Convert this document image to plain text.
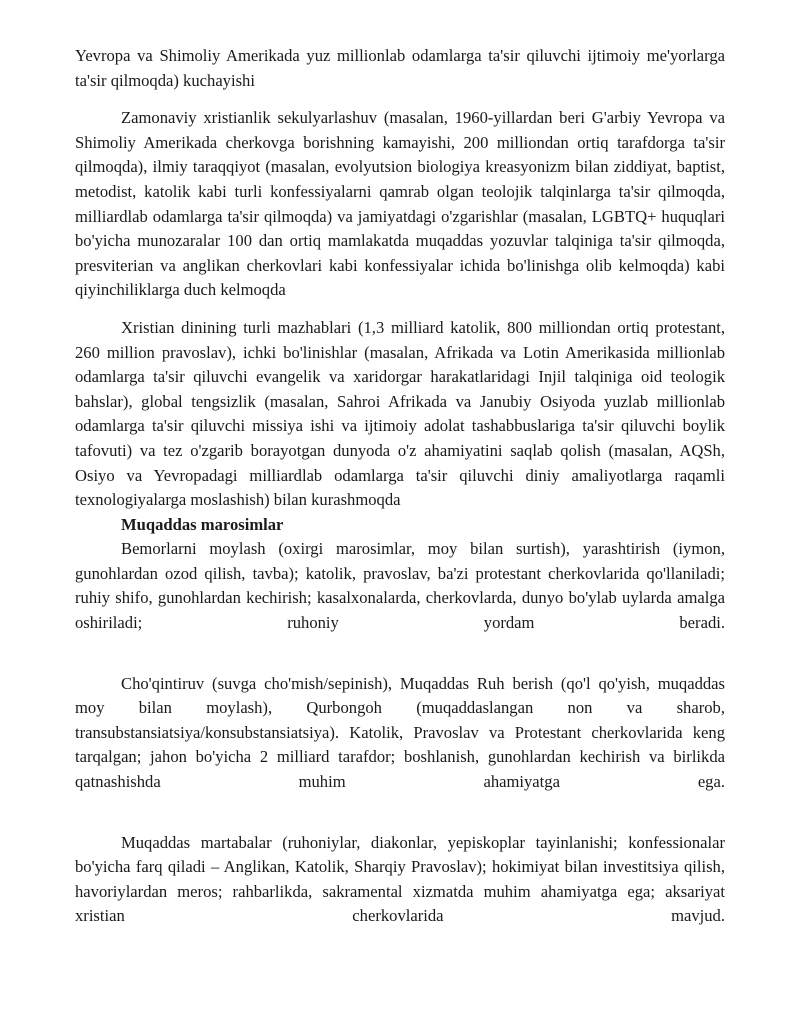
Yevropa va Shimoliy Amerikada yuz millionlab odamlarga ta'sir qiluvchi ijtimoiy me'yorlarga ta'sir qilmoqda) kuchayishi

Zamonaviy xristianlik sekulyarlashuv (masalan, 1960-yillardan beri G'arbiy Yevropa va Shimoliy Amerikada cherkovga borishning kamayishi, 200 milliondan ortiq tarafdorga ta'sir qilmoqda), ilmiy taraqqiyot (masalan, evolyutsion biologiya kreasyonizm bilan ziddiyat, baptist, metodist, katolik kabi turli konfessiyalarni qamrab olgan teolojik talqinlarga ta'sir qilmoqda, milliardlab odamlarga ta'sir qilmoqda) va jamiyatdagi o'zgarishlar (masalan, LGBTQ+ huquqlari bo'yicha munozaralar 100 dan ortiq mamlakatda muqaddas yozuvlar talqiniga ta'sir qilmoqda, presviterian va anglikan cherkovlari kabi konfessiyalar ichida bo'linishga olib kelmoqda) kabi qiyinchiliklarga duch kelmoqda

Xristian dinining turli mazhablari (1,3 milliard katolik, 800 milliondan ortiq protestant, 260 million pravoslav), ichki bo'linishlar (masalan, Afrikada va Lotin Amerikasida millionlab odamlarga ta'sir qiluvchi evangelik va xaridorgar harakatlaridagi Injil talqiniga oid teologik bahslar), global tengsizlik (masalan, Sahroi Afrikada va Janubiy Osiyoda yuzlab millionlab odamlarga ta'sir qiluvchi missiya ishi va ijtimoiy adolat tashabbuslariga ta'sir qiluvchi boylik tafovuti) va tez o'zgarib borayotgan dunyoda o'z ahamiyatini saqlab qolish (masalan, AQSh, Osiyo va Yevropadagi milliardlab odamlarga ta'sir qiluvchi diniy amaliyotlarga raqamli texnologiyalarga moslashish) bilan kurashmoqda

Muqaddas marosimlar

Bemorlarni moylash (oxirgi marosimlar, moy bilan surtish), yarashtirish (iymon, gunohlardan ozod qilish, tavba); katolik, pravoslav, ba'zi protestant cherkovlarida qo'llaniladi; ruhiy shifo, gunohlardan kechirish; kasalxonalarda, cherkovlarda, dunyo bo'ylab uylarda amalga oshiriladi; ruhoniy yordam beradi.

Cho'qintiruv (suvga cho'mish/sepinish), Muqaddas Ruh berish (qo'l qo'yish, muqaddas moy bilan moylash), Qurbongoh (muqaddaslangan non va sharob, transubstansiatsiya/konsubstansiatsiya). Katolik, Pravoslav va Protestant cherkovlarida keng tarqalgan; jahon bo'yicha 2 milliard tarafdor; boshlanish, gunohlardan kechirish va birlikda qatnashishda muhim ahamiyatga ega.

Muqaddas martabalar (ruhoniylar, diakonlar, yepiskoplar tayinlanishi; konfessionalar bo'yicha farq qiladi – Anglikan, Katolik, Sharqiy Pravoslav); hokimiyat bilan investitsiya qilish, havoriylardan meros; rahbarlikda, sakramental xizmatda muhim ahamiyatga ega; aksariyat xristian cherkovlarida mavjud.
